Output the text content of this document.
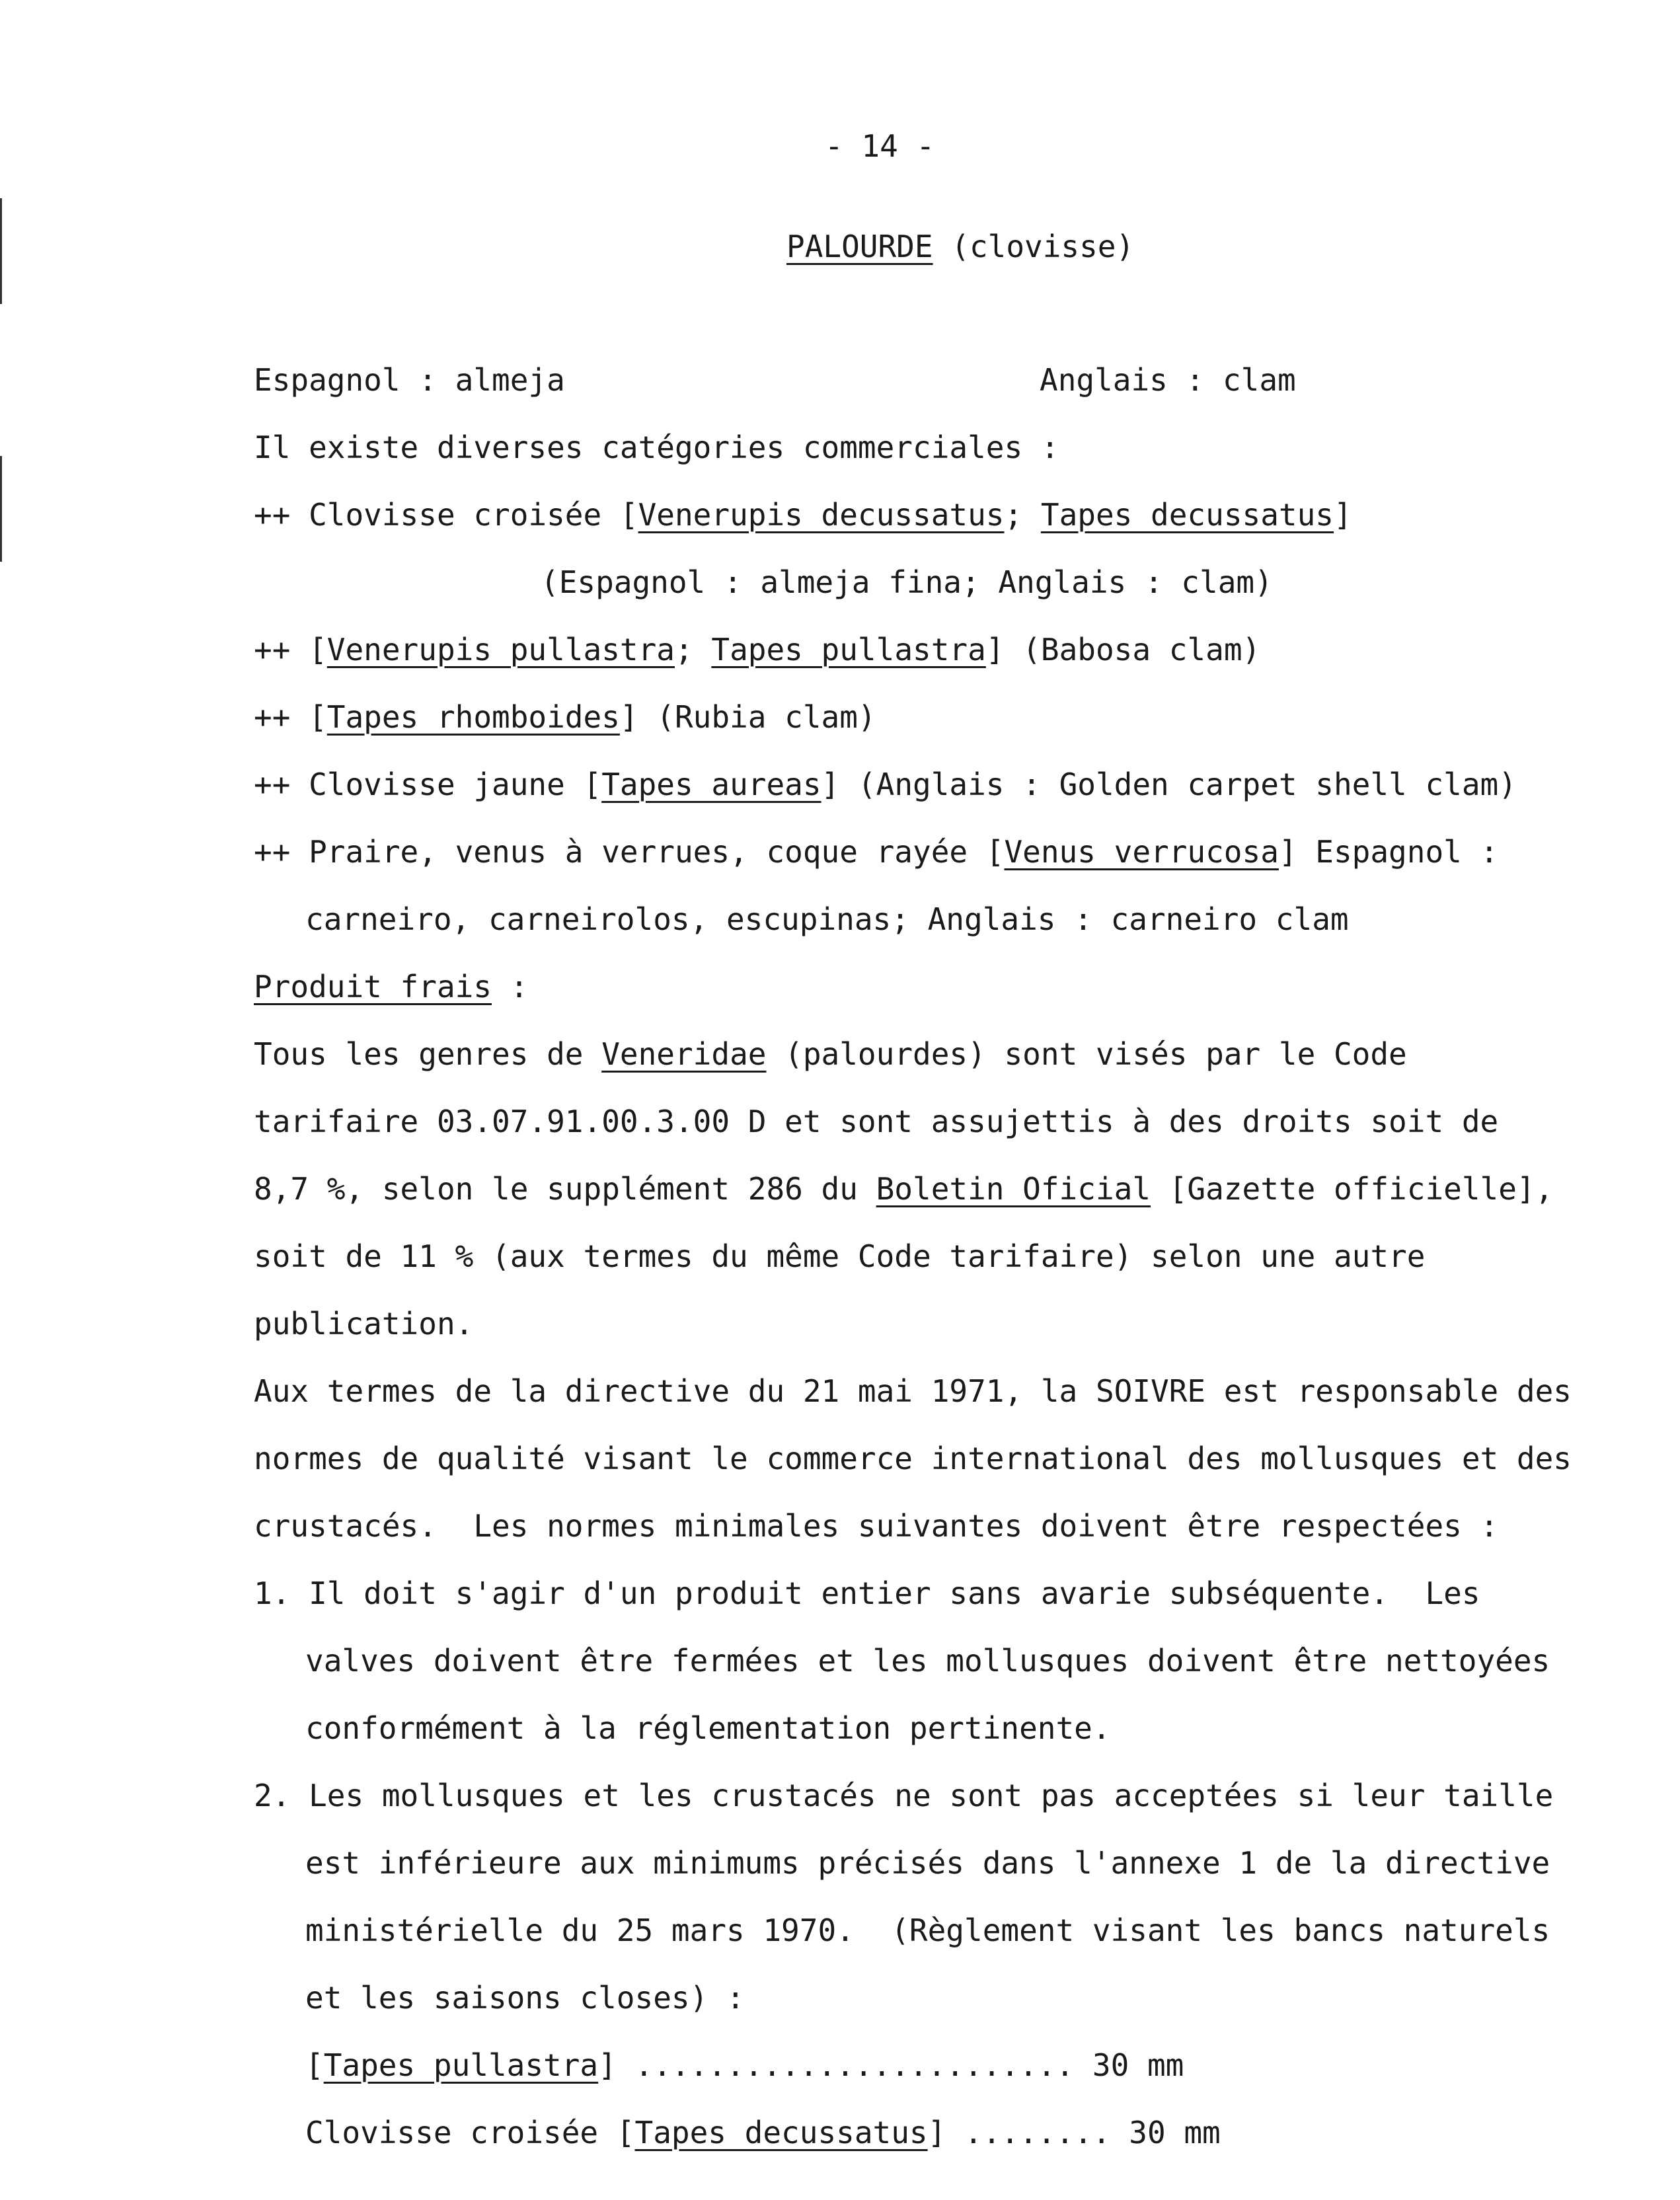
- 14 -
PALOURDE (clovisse)
Espagnol : almeja	Anglais : clam
Il existe diverses catégories commerciales :
++ Clovisse croisée [Venerupis decussatus; Tapes decussatus]
(Espagnol : almeja fina; Anglais : clam)
++ [Venerupis pullastra; Tapes pullastra] (Babosa clam)
++ [Tapes rhomboides] (Rubia clam)
++ Clovisse jaune [Tapes aureas] (Anglais : Golden carpet shell clam)
++ Praire, venus à verrues, coque rayée [Venus verrucosa] Espagnol :
carneiro, carneirolos, escupinas; Anglais : carneiro clam
Produit frais :
Tous les genres de Veneridae (palourdes) sont visés par le Code
tarifaire 03.07.91.00.3.00 D et sont assujettis à des droits soit de
8,7 %, selon le supplément 286 du Boletin Oficial [Gazette officielle],
soit de 11 % (aux termes du même Code tarifaire) selon une autre
publication.
Aux termes de la directive du 21 mai 1971, la SOIVRE est responsable des
normes de qualité visant le commerce international des mollusques et des
crustacés.  Les normes minimales suivantes doivent être respectées :
1. Il doit s'agir d'un produit entier sans avarie subséquente.  Les
valves doivent être fermées et les mollusques doivent être nettoyées
conformément à la réglementation pertinente.
2. Les mollusques et les crustacés ne sont pas acceptées si leur taille
est inférieure aux minimums précisés dans l'annexe 1 de la directive
ministérielle du 25 mars 1970.  (Règlement visant les bancs naturels
et les saisons closes) :
[Tapes pullastra] ........................ 30 mm
Clovisse croisée [Tapes decussatus] ........ 30 mm
